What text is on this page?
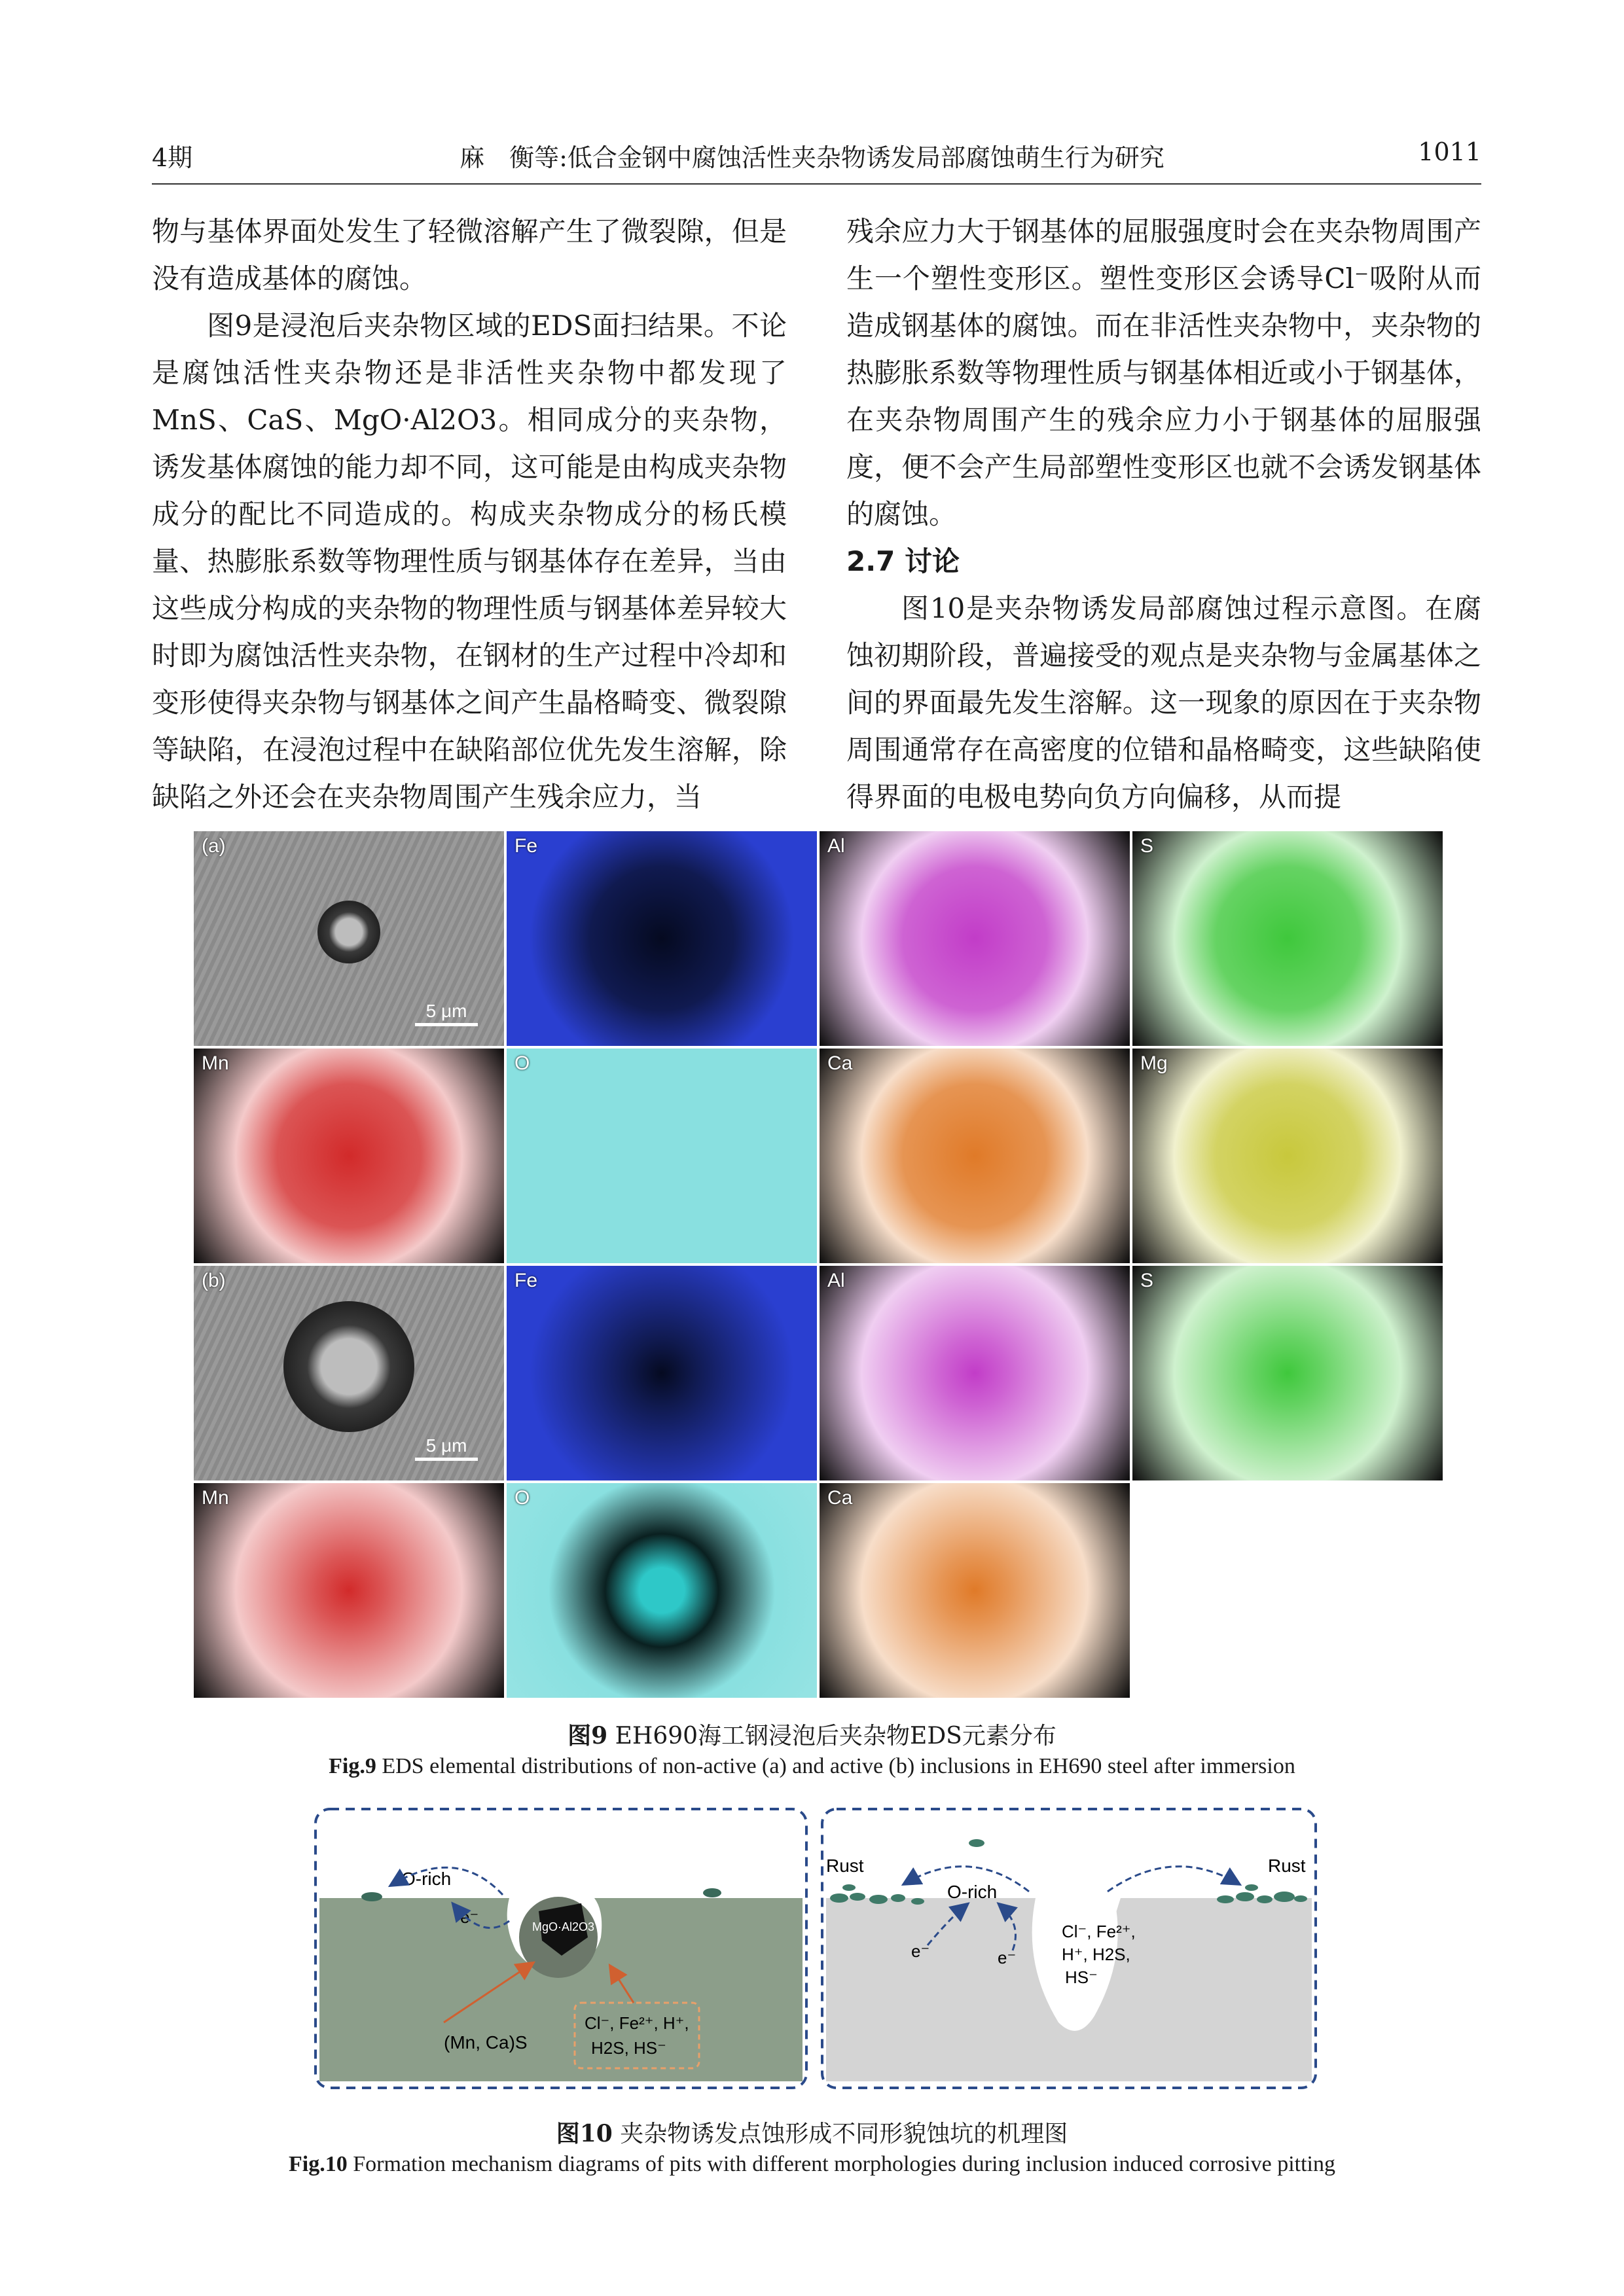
4期	麻　衡等:低合金钢中腐蚀活性夹杂物诱发局部腐蚀萌生行为研究	1011

物与基体界面处发生了轻微溶解产生了微裂隙，但是没有造成基体的腐蚀。

图9是浸泡后夹杂物区域的EDS面扫结果。不论是腐蚀活性夹杂物还是非活性夹杂物中都发现了MnS、CaS、MgO·Al2O3。相同成分的夹杂物，诱发基体腐蚀的能力却不同，这可能是由构成夹杂物成分的配比不同造成的。构成夹杂物成分的杨氏模量、热膨胀系数等物理性质与钢基体存在差异，当由这些成分构成的夹杂物的物理性质与钢基体差异较大时即为腐蚀活性夹杂物，在钢材的生产过程中冷却和变形使得夹杂物与钢基体之间产生晶格畸变、微裂隙等缺陷，在浸泡过程中在缺陷部位优先发生溶解，除缺陷之外还会在夹杂物周围产生残余应力，当

残余应力大于钢基体的屈服强度时会在夹杂物周围产生一个塑性变形区。塑性变形区会诱导Cl⁻吸附从而造成钢基体的腐蚀。而在非活性夹杂物中，夹杂物的热膨胀系数等物理性质与钢基体相近或小于钢基体，在夹杂物周围产生的残余应力小于钢基体的屈服强度，便不会产生局部塑性变形区也就不会诱发钢基体的腐蚀。

2.7 讨论

图10是夹杂物诱发局部腐蚀过程示意图。在腐蚀初期阶段，普遍接受的观点是夹杂物与金属基体之间的界面最先发生溶解。这一现象的原因在于夹杂物周围通常存在高密度的位错和晶格畸变，这些缺陷使得界面的电极电势向负方向偏移，从而提

5 μm
(a)	Fe	Al	S
Mn	O	Ca	Mg
5 μm
(b)	Fe	Al	S
Mn	O	Ca
图9 EH690海工钢浸泡后夹杂物EDS元素分布
Fig.9 EDS elemental distributions of non-active (a) and active (b) inclusions in EH690 steel after immersion
MgO·Al2O3
O-rich
e⁻
(Mn, Ca)S
Cl⁻, Fe²⁺, H⁺,
H2S, HS⁻
Rust	Rust
O-rich
Cl⁻, Fe²⁺,
H⁺, H2S,
HS⁻
e⁻	e⁻
图10 夹杂物诱发点蚀形成不同形貌蚀坑的机理图
Fig.10 Formation mechanism diagrams of pits with different morphologies during inclusion induced corrosive pitting
